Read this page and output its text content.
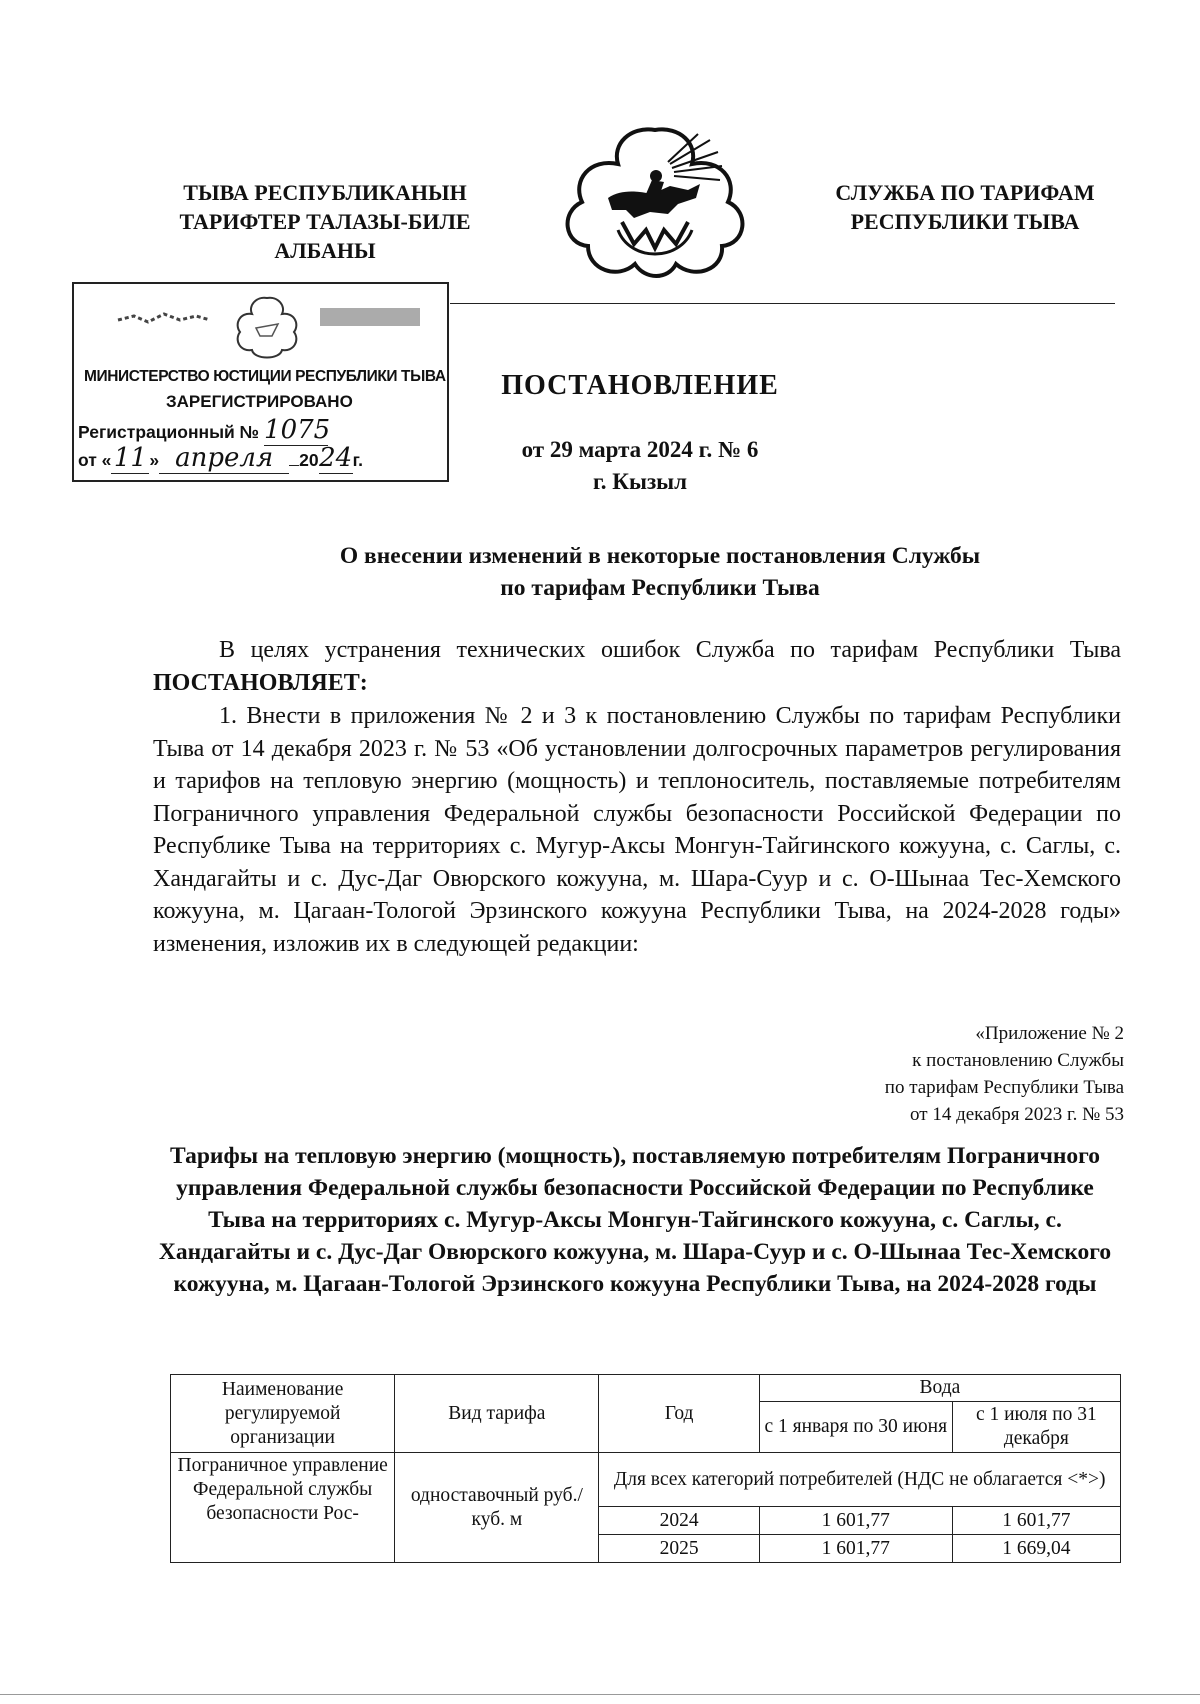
ТЫВА РЕСПУБЛИКАНЫН
ТАРИФТЕР ТАЛАЗЫ-БИЛЕ
АЛБАНЫ
СЛУЖБА ПО ТАРИФАМ
РЕСПУБЛИКИ ТЫВА
МИНИСТЕРСТВО ЮСТИЦИИ РЕСПУБЛИКИ ТЫВА
ЗАРЕГИСТРИРОВАНО
Регистрационный № 1075
от «11 » апреля 2024г.
ПОСТАНОВЛЕНИЕ
от 29 марта 2024 г. № 6
г. Кызыл
О внесении изменений в некоторые постановления Службы
по тарифам Республики Тыва
В целях устранения технических ошибок Служба по тарифам Республики Тыва ПОСТАНОВЛЯЕТ:
1. Внести в приложения № 2 и 3 к постановлению Службы по тарифам Республики Тыва от 14 декабря 2023 г. № 53 «Об установлении долгосрочных параметров регулирования и тарифов на тепловую энергию (мощность) и теплоноситель, поставляемые потребителям Пограничного управления Федеральной службы безопасности Российской Федерации по Республике Тыва на территориях с. Мугур-Аксы Монгун-Тайгинского кожууна, с. Саглы, с. Хандагайты и с. Дус-Даг Овюрского кожууна, м. Шара-Суур и с. О-Шынаа Тес-Хемского кожууна, м. Цагаан-Тологой Эрзинского кожууна Республики Тыва, на 2024-2028 годы» изменения, изложив их в следующей редакции:
«Приложение № 2
к постановлению Службы
по тарифам Республики Тыва
от 14 декабря 2023 г. № 53
Тарифы на тепловую энергию (мощность), поставляемую потребителям Пограничного управления Федеральной службы безопасности Российской Федерации по Республике Тыва на территориях с. Мугур-Аксы Монгун-Тайгинского кожууна, с. Саглы, с. Хандагайты и с. Дус-Даг Овюрского кожууна, м. Шара-Суур и с. О-Шынаа Тес-Хемского кожууна, м. Цагаан-Тологой Эрзинского кожууна Республики Тыва, на 2024-2028 годы
Наименование регулируемой организации	Вид тарифа	Год	Вода	
			с 1 января по 30 июня	с 1 июля по 31 декабря
Пограничное управление Федеральной службы безопасности Рос-	одноставочный руб./куб. м	Для всех категорий потребителей (НДС не облагается <*>)		
		2024	1 601,77	1 601,77
		2025	1 601,77	1 669,04
